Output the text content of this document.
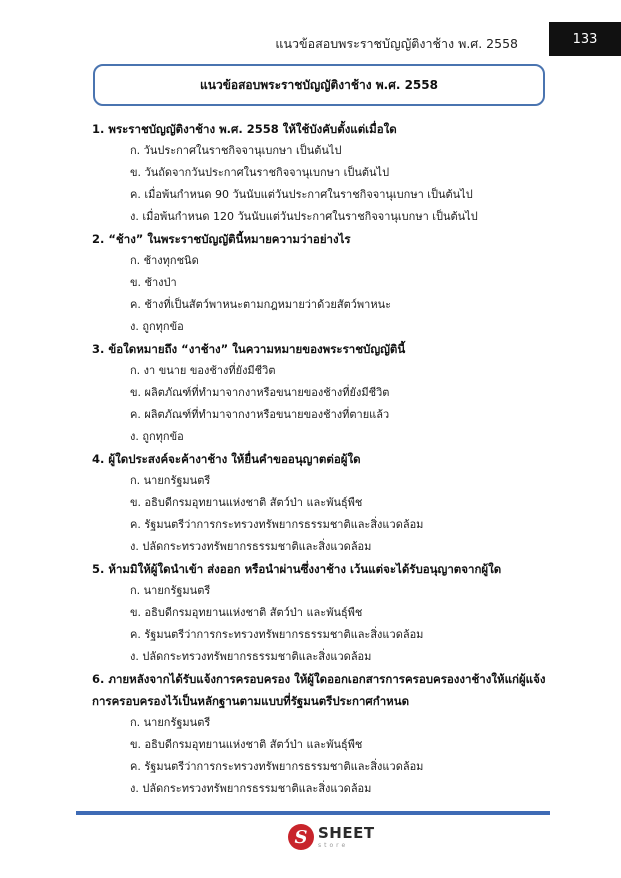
แนวข้อสอบพระราชบัญญัติงาช้าง พ.ศ. 2558	133
แนวข้อสอบพระราชบัญญัติงาช้าง พ.ศ. 2558
1. พระราชบัญญัติงาช้าง พ.ศ. 2558 ให้ใช้บังคับตั้งแต่เมื่อใด
ก. วันประกาศในราชกิจจานุเบกษา เป็นต้นไป
ข. วันถัดจากวันประกาศในราชกิจจานุเบกษา เป็นต้นไป
ค. เมื่อพ้นกำหนด 90 วันนับแต่วันประกาศในราชกิจจานุเบกษา เป็นต้นไป
ง. เมื่อพ้นกำหนด 120 วันนับแต่วันประกาศในราชกิจจานุเบกษา เป็นต้นไป
2. “ช้าง” ในพระราชบัญญัตินี้หมายความว่าอย่างไร
ก. ช้างทุกชนิด
ข. ช้างป่า
ค. ช้างที่เป็นสัตว์พาหนะตามกฎหมายว่าด้วยสัตว์พาหนะ
ง. ถูกทุกข้อ
3. ข้อใดหมายถึง “งาช้าง” ในความหมายของพระราชบัญญัตินี้
ก. งา ขนาย ของช้างที่ยังมีชีวิต
ข. ผลิตภัณฑ์ที่ทำมาจากงาหรือขนายของช้างที่ยังมีชีวิต
ค. ผลิตภัณฑ์ที่ทำมาจากงาหรือขนายของช้างที่ตายแล้ว
ง. ถูกทุกข้อ
4. ผู้ใดประสงค์จะค้างาช้าง ให้ยื่นคำขออนุญาตต่อผู้ใด
ก. นายกรัฐมนตรี
ข. อธิบดีกรมอุทยานแห่งชาติ สัตว์ป่า และพันธุ์พืช
ค. รัฐมนตรีว่าการกระทรวงทรัพยากรธรรมชาติและสิ่งแวดล้อม
ง. ปลัดกระทรวงทรัพยากรธรรมชาติและสิ่งแวดล้อม
5. ห้ามมิให้ผู้ใดนำเข้า ส่งออก หรือนำผ่านซึ่งงาช้าง เว้นแต่จะได้รับอนุญาตจากผู้ใด
ก. นายกรัฐมนตรี
ข. อธิบดีกรมอุทยานแห่งชาติ สัตว์ป่า และพันธุ์พืช
ค. รัฐมนตรีว่าการกระทรวงทรัพยากรธรรมชาติและสิ่งแวดล้อม
ง. ปลัดกระทรวงทรัพยากรธรรมชาติและสิ่งแวดล้อม
6. ภายหลังจากได้รับแจ้งการครอบครอง ให้ผู้ใดออกเอกสารการครอบครองงาช้างให้แก่ผู้แจ้งการครอบครองไว้เป็นหลักฐานตามแบบที่รัฐมนตรีประกาศกำหนด
ก. นายกรัฐมนตรี
ข. อธิบดีกรมอุทยานแห่งชาติ สัตว์ป่า และพันธุ์พืช
ค. รัฐมนตรีว่าการกระทรวงทรัพยากรธรรมชาติและสิ่งแวดล้อม
ง. ปลัดกระทรวงทรัพยากรธรรมชาติและสิ่งแวดล้อม
S SHEET
store
